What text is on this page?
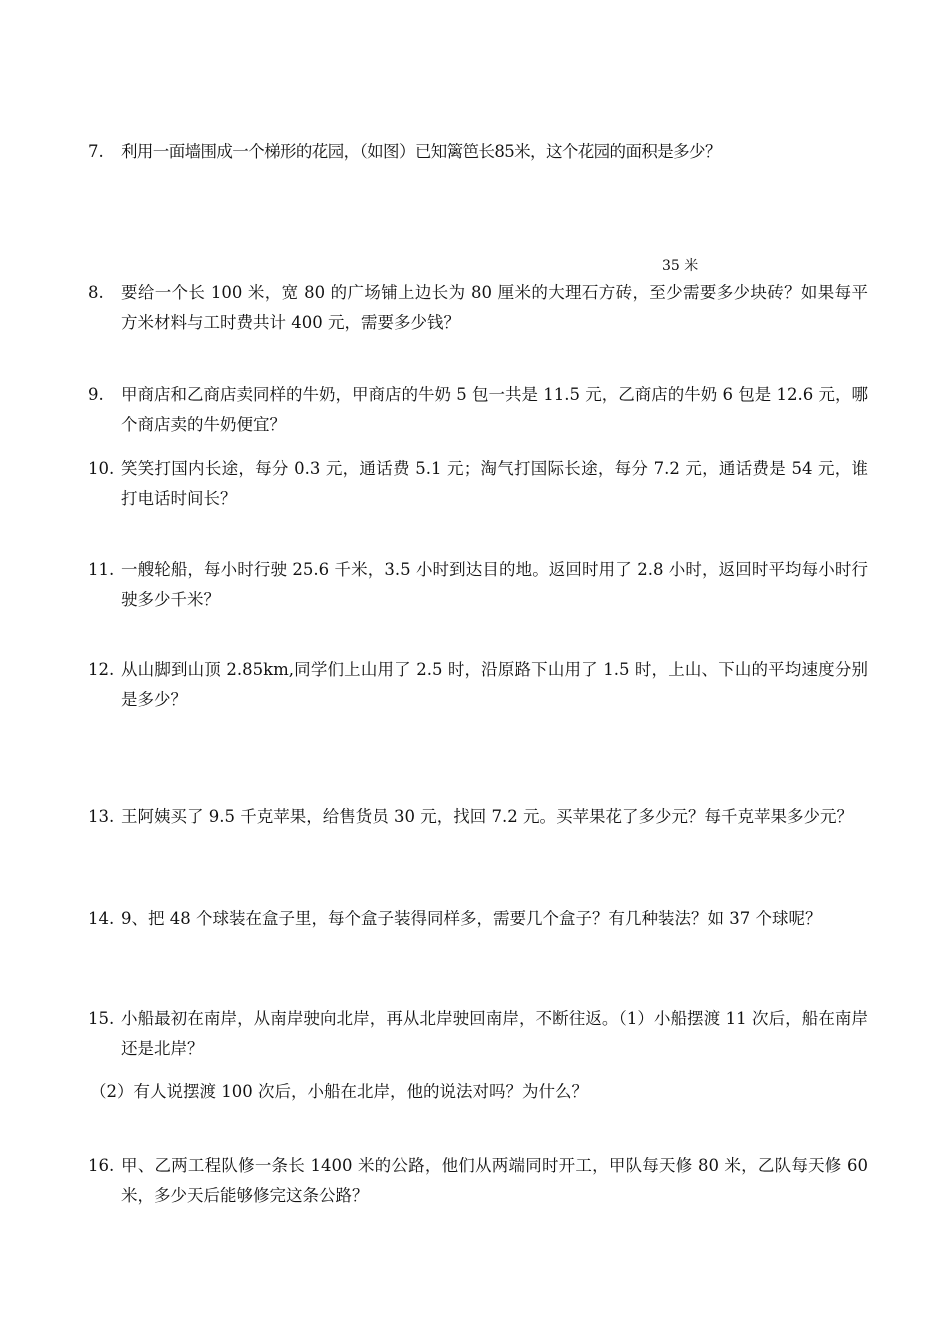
7.	利用一面墙围成一个梯形的花园，（如图）已知篱笆长85米，这个花园的面积是多少？
35 米
8.	要给一个长 100 米，宽 80 的广场铺上边长为 80 厘米的大理石方砖，至少需要多少块砖？如果每平方米材料与工时费共计 400 元，需要多少钱？
9.	甲商店和乙商店卖同样的牛奶，甲商店的牛奶 5 包一共是 11.5 元，乙商店的牛奶 6 包是 12.6 元，哪个商店卖的牛奶便宜？
10. 笑笑打国内长途，每分 0.3 元，通话费 5.1 元；淘气打国际长途，每分 7.2 元，通话费是 54 元，谁打电话时间长？
11. 一艘轮船，每小时行驶 25.6 千米，3.5 小时到达目的地。返回时用了 2.8 小时，返回时平均每小时行驶多少千米？
12. 从山脚到山顶 2.85km,同学们上山用了 2.5 时，沿原路下山用了 1.5 时，上山、下山的平均速度分别是多少？
13. 王阿姨买了 9.5 千克苹果，给售货员 30 元，找回 7.2 元。买苹果花了多少元？每千克苹果多少元？
14. 9、把 48 个球装在盒子里，每个盒子装得同样多，需要几个盒子？有几种装法？如 37 个球呢？
15. 小船最初在南岸，从南岸驶向北岸，再从北岸驶回南岸，不断往返。（1）小船摆渡 11 次后，船在南岸还是北岸？
（2）有人说摆渡 100 次后，小船在北岸，他的说法对吗？为什么？
16. 甲、乙两工程队修一条长 1400 米的公路，他们从两端同时开工，甲队每天修 80 米，乙队每天修 60 米，多少天后能够修完这条公路？
